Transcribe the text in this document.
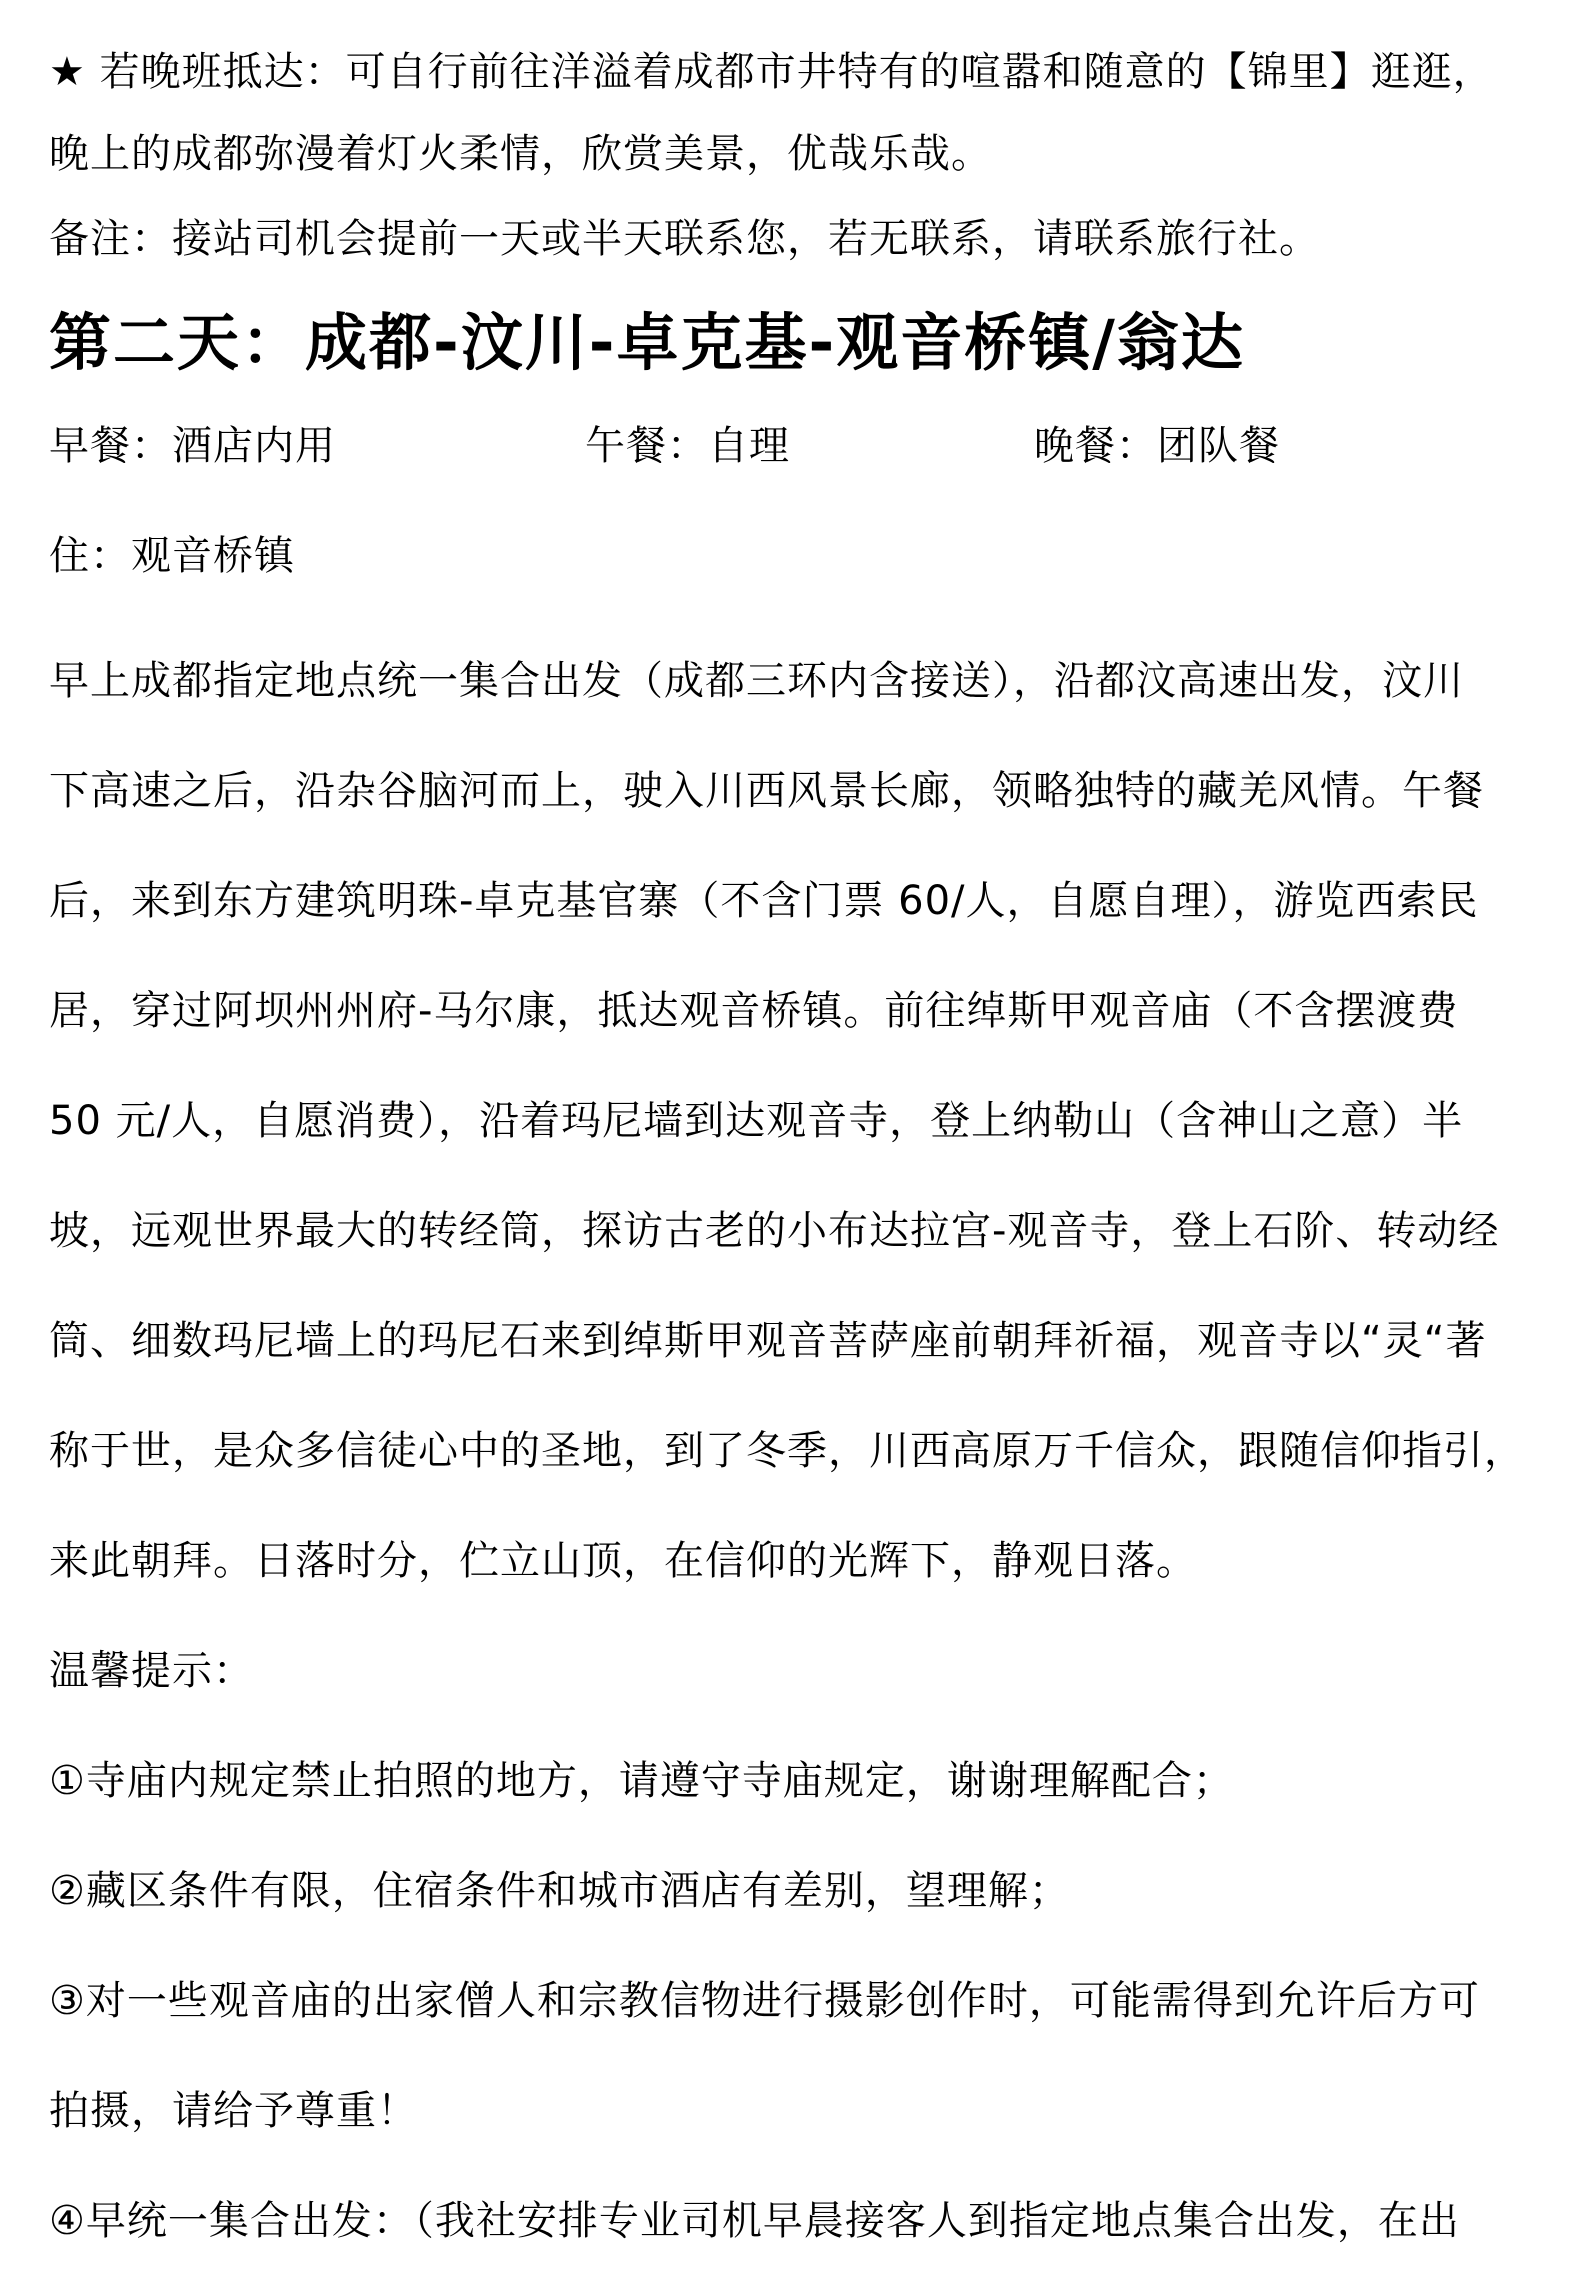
★ 若晚班抵达：可自行前往洋溢着成都市井特有的喧嚣和随意的【锦里】逛逛，

晚上的成都弥漫着灯火柔情，欣赏美景，优哉乐哉。

备注：接站司机会提前一天或半天联系您，若无联系，请联系旅行社。

第二天：成都-汶川-卓克基-观音桥镇/翁达
早餐：酒店内用	午餐：自理	晚餐：团队餐
住：观音桥镇

早上成都指定地点统一集合出发（成都三环内含接送），沿都汶高速出发，汶川

下高速之后，沿杂谷脑河而上，驶入川西风景长廊，领略独特的藏羌风情。午餐

后，来到东方建筑明珠-卓克基官寨（不含门票 60/人，自愿自理），游览西索民

居，穿过阿坝州州府-马尔康，抵达观音桥镇。前往绰斯甲观音庙（不含摆渡费

50 元/人，自愿消费），沿着玛尼墙到达观音寺，登上纳勒山（含神山之意）半

坡，远观世界最大的转经筒，探访古老的小布达拉宫-观音寺，登上石阶、转动经

筒、细数玛尼墙上的玛尼石来到绰斯甲观音菩萨座前朝拜祈福，观音寺以“灵“著

称于世，是众多信徒心中的圣地，到了冬季，川西高原万千信众，跟随信仰指引，

来此朝拜。日落时分，伫立山顶，在信仰的光辉下，静观日落。

温馨提示：

①寺庙内规定禁止拍照的地方，请遵守寺庙规定，谢谢理解配合；

②藏区条件有限，住宿条件和城市酒店有差别，望理解；

③对一些观音庙的出家僧人和宗教信物进行摄影创作时，可能需得到允许后方可

拍摄，请给予尊重！

④早统一集合出发：（我社安排专业司机早晨接客人到指定地点集合出发，在出
